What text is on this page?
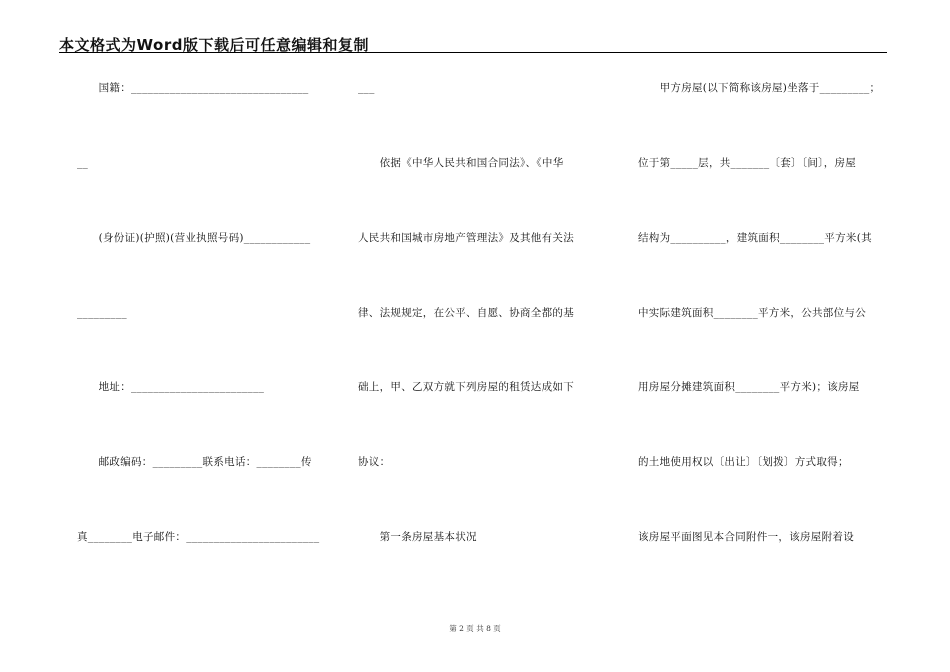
本文格式为Word版下载后可任意编辑和复制
　　国籍：________________________________
__
　　(身份证)(护照)(营业执照号码)____________
_________
　　地址：________________________
　　邮政编码：_________联系电话：________传
真________电子邮件：________________________
___
　　依据《中华人民共和国合同法》、《中华
人民共和国城市房地产管理法》及其他有关法
律、法规规定，在公平、自愿、协商全都的基
础上，甲、乙双方就下列房屋的租赁达成如下
协议：
　　第一条房屋基本状况
　　甲方房屋(以下简称该房屋)坐落于_________；
位于第_____层，共_______〔套〕〔间〕，房屋
结构为__________，建筑面积________平方米(其
中实际建筑面积________平方米，公共部位与公
用房屋分摊建筑面积________平方米)；该房屋
的土地使用权以〔出让〕〔划拨〕方式取得；
该房屋平面图见本合同附件一，该房屋附着设
第 2 页 共 8 页
